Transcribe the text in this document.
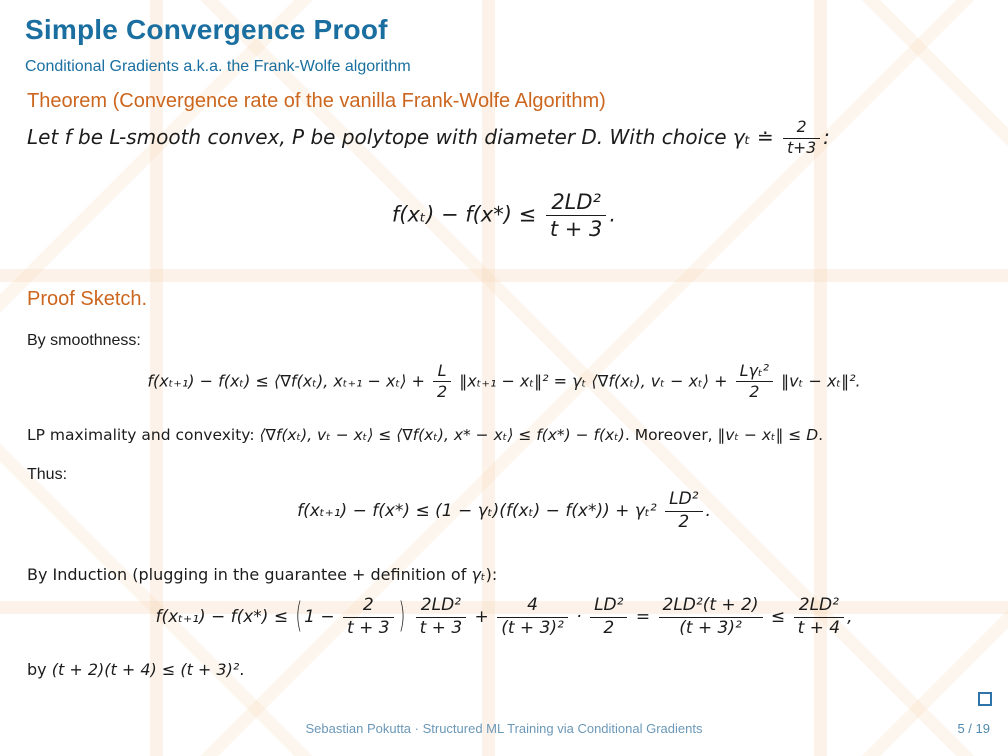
Simple Convergence Proof
Conditional Gradients a.k.a. the Frank-Wolfe algorithm
Theorem (Convergence rate of the vanilla Frank-Wolfe Algorithm)
Let f be L-smooth convex, P be polytope with diameter D. With choice γₜ ≐ $\frac{2}{t+3}$ :
$f(x_t) - f(x*) \le \frac{\text{2LD²}}{t + 3}$ .
Proof Sketch.
By smoothness:
f(xₜ₊₁) − f(xₜ) ≤ ⟨∇f(xₜ), xₜ₊₁ − xₜ⟩ + $\frac{L}{2}$ ‖xₜ₊₁ − xₜ‖² = γₜ ⟨∇f(xₜ), vₜ − xₜ⟩ + $\frac{\text{Lγₜ²}}{2}$ ‖vₜ − xₜ‖².
LP maximality and convexity: ⟨∇f(xₜ), vₜ − xₜ⟩ ≤ ⟨∇f(xₜ), x* − xₜ⟩ ≤ f(x*) − f(xₜ). Moreover, ‖vₜ − xₜ‖ ≤ D.
Thus:
$f(x_{t+1}) - f(x*) \le (1 - \gamma_t)(f(x_t) - f(x*)) + \gamma_t^2 \frac{\text{LD²}}{2}$ .
By Induction (plugging in the guarantee + definition of γₜ):
f(xₜ₊₁) − f(x*) ≤ ( $1 - \frac{2}{t + 3}$ ) $\frac{\text{2LD²}}{t + 3} + \frac{4}{\text{(t + 3)²}} \cdot \frac{\text{LD²}}{2} = \frac{\text{2LD²(t + 2)}}{\text{(t + 3)²}} \le \frac{\text{2LD²}}{t + 4}$ ,
by (t + 2)(t + 4) ≤ (t + 3)².
Sebastian Pokutta · Structured ML Training via Conditional Gradients	5 / 19
